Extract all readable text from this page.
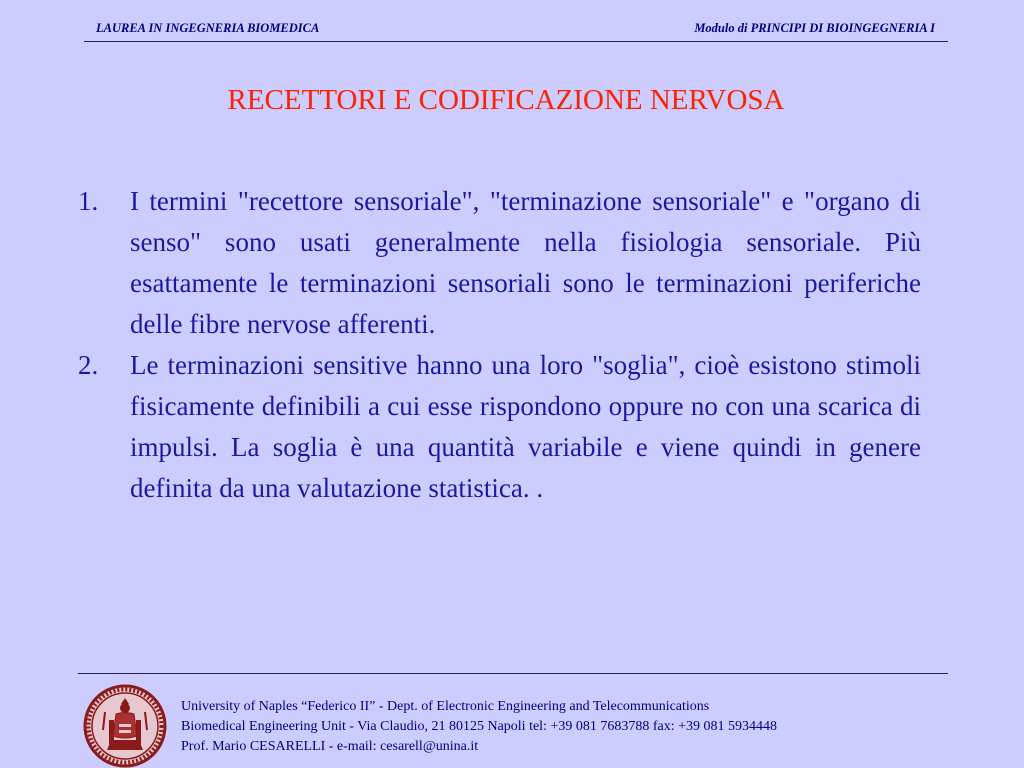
LAUREA IN INGEGNERIA BIOMEDICA	Modulo di PRINCIPI DI BIOINGEGNERIA I
RECETTORI E CODIFICAZIONE NERVOSA
1.	I termini "recettore sensoriale", "terminazione sensoriale" e "organo di senso" sono usati generalmente nella fisiologia sensoriale. Più esattamente le terminazioni sensoriali sono le terminazioni periferiche delle fibre nervose afferenti.
2.	Le terminazioni sensitive hanno una loro "soglia", cioè esistono stimoli fisicamente definibili a cui esse rispondono oppure no con una scarica di impulsi. La soglia è una quantità variabile e viene quindi in genere definita da una valutazione statistica. .
University of Naples “Federico II” - Dept. of Electronic Engineering and Telecommunications
Biomedical Engineering Unit - Via Claudio, 21 80125 Napoli tel: +39 081 7683788 fax: +39 081 5934448
Prof. Mario CESARELLI - e-mail: cesarell@unina.it
